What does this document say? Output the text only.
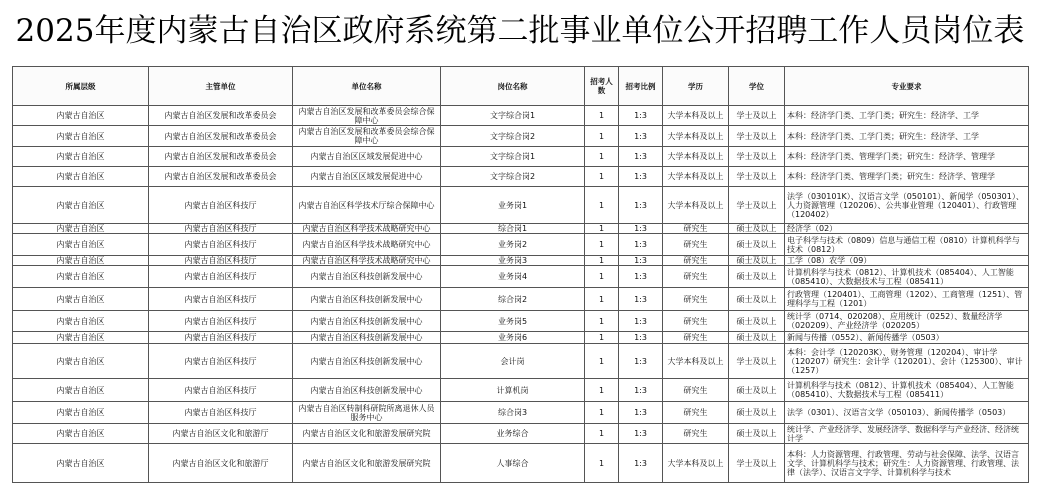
2025年度内蒙古自治区政府系统第二批事业单位公开招聘工作人员岗位表
所属层级	主管单位	单位名称	岗位名称	招考人数	招考比例	学历	学位	专业要求

内蒙古自治区	内蒙古自治区发展和改革委员会	内蒙古自治区发展和改革委员会综合保障中心	文字综合岗1	1	1:3	大学本科及以上	学士及以上	本科：经济学门类、工学门类；研究生：经济学、工学

内蒙古自治区	内蒙古自治区发展和改革委员会	内蒙古自治区发展和改革委员会综合保障中心	文字综合岗2	1	1:3	大学本科及以上	学士及以上	本科：经济学门类、工学门类；研究生：经济学、工学

内蒙古自治区	内蒙古自治区发展和改革委员会	内蒙古自治区区域发展促进中心	文字综合岗1	1	1:3	大学本科及以上	学士及以上	本科：经济学门类、管理学门类；研究生：经济学、管理学

内蒙古自治区	内蒙古自治区发展和改革委员会	内蒙古自治区区域发展促进中心	文字综合岗2	1	1:3	大学本科及以上	学士及以上	本科：经济学门类、管理学门类；研究生：经济学、管理学

内蒙古自治区	内蒙古自治区科技厅	内蒙古自治区科学技术厅综合保障中心	业务岗1	1	1:3	大学本科及以上	学士及以上	法学（030101K）、汉语言文学（050101）、新闻学（050301）、人力资源管理（120206）、公共事业管理（120401）、行政管理（120402）

内蒙古自治区	内蒙古自治区科技厅	内蒙古自治区科学技术战略研究中心	综合岗1	1	1:3	研究生	硕士及以上	经济学（02）

内蒙古自治区	内蒙古自治区科技厅	内蒙古自治区科学技术战略研究中心	业务岗2	1	1:3	研究生	硕士及以上	电子科学与技术（0809）信息与通信工程（0810）计算机科学与技术（0812）

内蒙古自治区	内蒙古自治区科技厅	内蒙古自治区科学技术战略研究中心	业务岗3	1	1:3	研究生	硕士及以上	工学（08）农学（09）

内蒙古自治区	内蒙古自治区科技厅	内蒙古自治区科技创新发展中心	业务岗4	1	1:3	研究生	硕士及以上	计算机科学与技术（0812）、计算机技术（085404）、人工智能（085410）、大数据技术与工程（085411）

内蒙古自治区	内蒙古自治区科技厅	内蒙古自治区科技创新发展中心	综合岗2	1	1:3	研究生	硕士及以上	行政管理（120401）、工商管理（1202）、工商管理（1251）、管理科学与工程（1201）

内蒙古自治区	内蒙古自治区科技厅	内蒙古自治区科技创新发展中心	业务岗5	1	1:3	研究生	硕士及以上	统计学（0714、020208）、应用统计（0252）、数量经济学（020209）、产业经济学（020205）

内蒙古自治区	内蒙古自治区科技厅	内蒙古自治区科技创新发展中心	业务岗6	1	1:3	研究生	硕士及以上	新闻与传播（0552）、新闻传播学（0503）

内蒙古自治区	内蒙古自治区科技厅	内蒙古自治区科技创新发展中心	会计岗	1	1:3	大学本科及以上	学士及以上	本科：会计学（120203K）、财务管理（120204）、审计学（120207）研究生：会计学（120201）、会计（125300）、审计（1257）

内蒙古自治区	内蒙古自治区科技厅	内蒙古自治区科技创新发展中心	计算机岗	1	1:3	研究生	硕士及以上	计算机科学与技术（0812）、计算机技术（085404）、人工智能（085410）、大数据技术与工程（085411）

内蒙古自治区	内蒙古自治区科技厅	内蒙古自治区转制科研院所离退休人员服务中心	综合岗3	1	1:3	研究生	硕士及以上	法学（0301）、汉语言文学（050103）、新闻传播学（0503）

内蒙古自治区	内蒙古自治区文化和旅游厅	内蒙古自治区文化和旅游发展研究院	业务综合	1	1:3	研究生	硕士及以上	统计学、产业经济学、发展经济学、数据科学与产业经济、经济统计学

内蒙古自治区	内蒙古自治区文化和旅游厅	内蒙古自治区文化和旅游发展研究院	人事综合	1	1:3	大学本科及以上	学士及以上	本科：人力资源管理、行政管理、劳动与社会保障、法学、汉语言文学、计算机科学与技术；研究生：人力资源管理、行政管理、法律（法学）、汉语言文字学、计算机科学与技术
